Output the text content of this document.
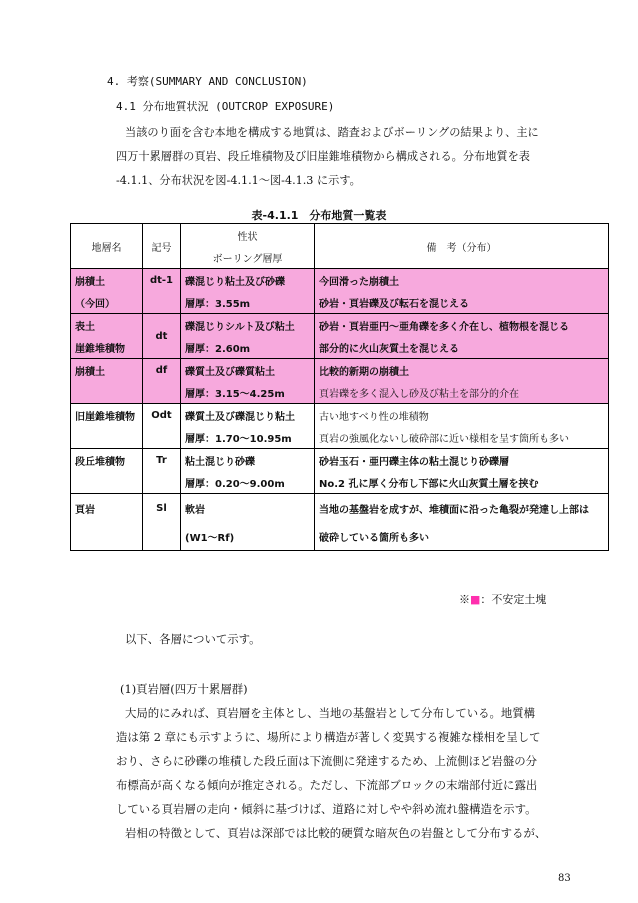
4. 考察(SUMMARY AND CONCLUSION)
4.1 分布地質状況 (OUTCROP EXPOSURE)
当該のり面を含む本地を構成する地質は、踏査およびボーリングの結果より、主に
四万十累層群の頁岩、段丘堆積物及び旧崖錐堆積物から構成される。分布地質を表
-4.1.1、分布状況を図-4.1.1～図-4.1.3 に示す。
表-4.1.1　分布地質一覧表
地層名	記号	性状	備　考（分布）
		ボーリング層厚	
崩積土	dt-1	礫混じり粘土及び砂礫	今回滑った崩積土
（今回）		層厚：3.55m	砂岩・頁岩礫及び転石を混じえる
表土	dt	礫混じりシルト及び粘土	砂岩・頁岩亜円～亜角礫を多く介在し、植物根を混じる
崖錐堆積物		層厚：2.60m	部分的に火山灰質土を混じえる
崩積土	df	礫質土及び礫質粘土	比較的新期の崩積土
		層厚：3.15～4.25m	頁岩礫を多く混入し砂及び粘土を部分的介在
旧崖錐堆積物	Odt	礫質土及び礫混じり粘土	古い地すべり性の堆積物
		層厚：1.70～10.95m	頁岩の強風化ないし破砕部に近い様相を呈す箇所も多い
段丘堆積物	Tr	粘土混じり砂礫	砂岩玉石・亜円礫主体の粘土混じり砂礫層
		層厚：0.20～9.00m	No.2 孔に厚く分布し下部に火山灰質土層を挟む
頁岩	Sl	軟岩	当地の基盤岩を成すが、堆積面に沿った亀裂が発達し上部は
		(W1～Rf)	破砕している箇所も多い
※■：不安定土塊
以下、各層について示す。
(1)頁岩層(四万十累層群)
大局的にみれば、頁岩層を主体とし、当地の基盤岩として分布している。地質構
造は第 2 章にも示すように、場所により構造が著しく変異する複雑な様相を呈して
おり、さらに砂礫の堆積した段丘面は下流側に発達するため、上流側ほど岩盤の分
布標高が高くなる傾向が推定される。ただし、下流部ブロックの末端部付近に露出
している頁岩層の走向・傾斜に基づけば、道路に対しやや斜め流れ盤構造を示す。
岩相の特徴として、頁岩は深部では比較的硬質な暗灰色の岩盤として分布するが、
83
